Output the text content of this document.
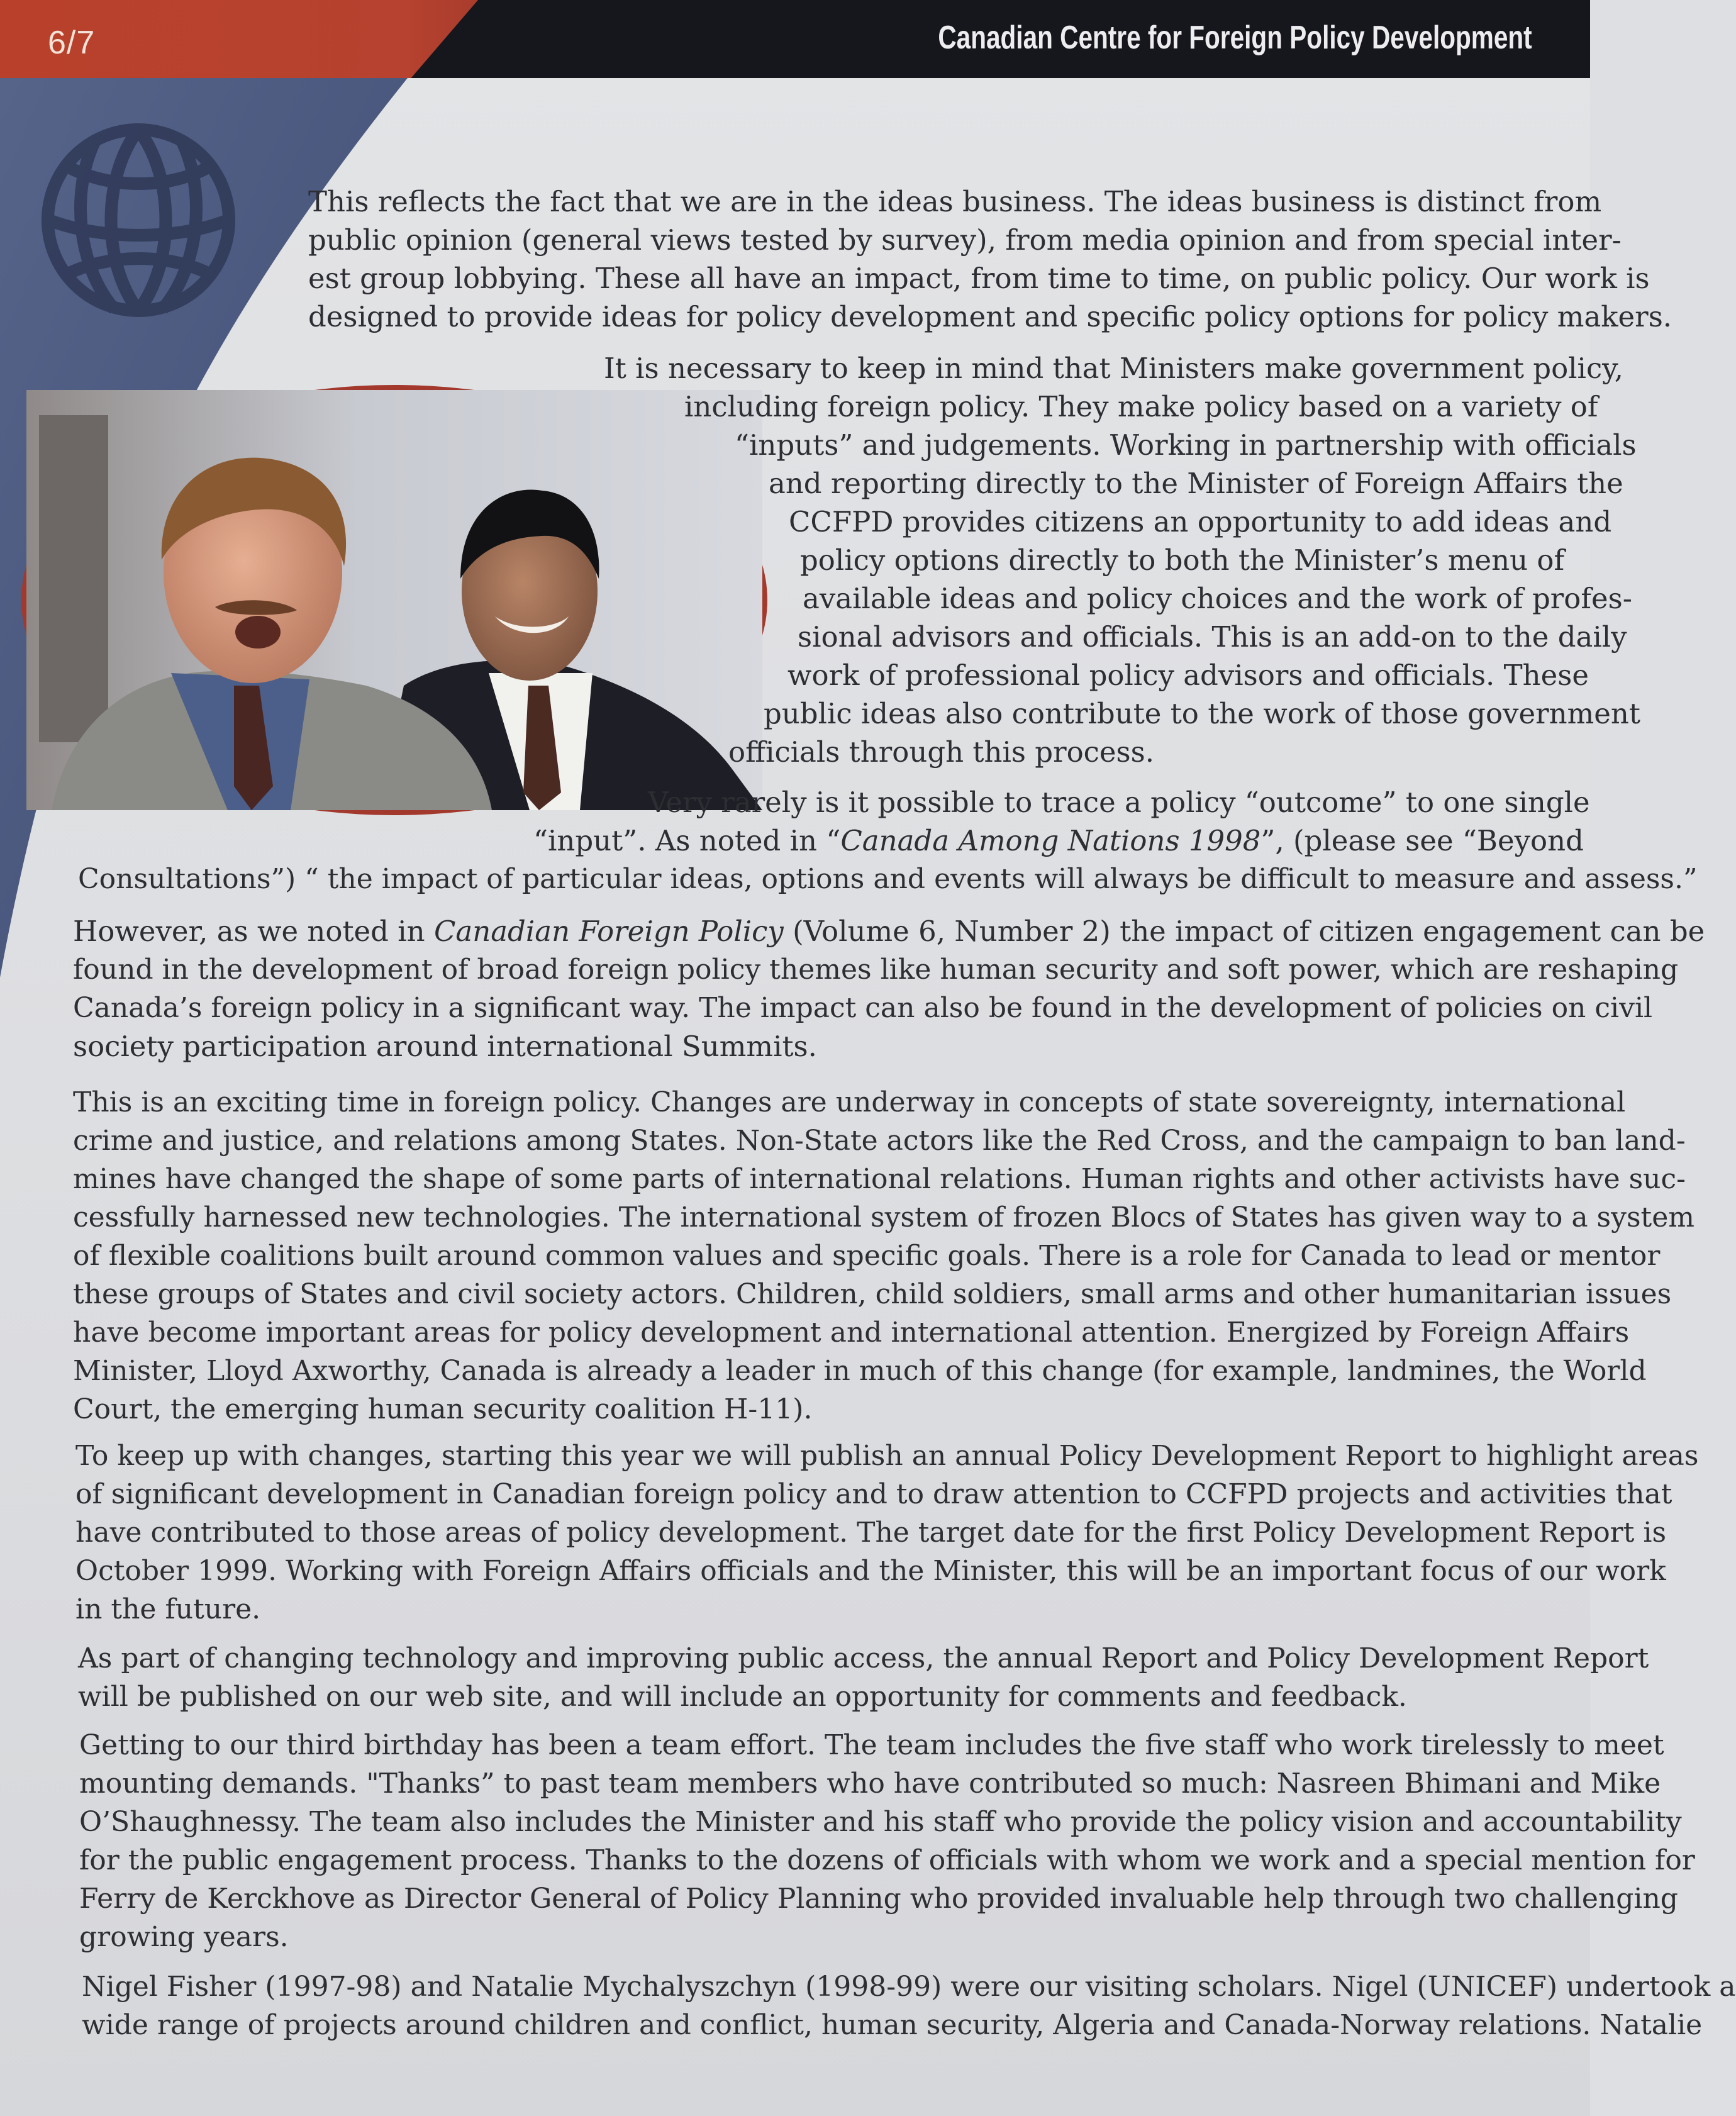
6/7	Canadian Centre for Foreign Policy Development
This reflects the fact that we are in the ideas business. The ideas business is distinct from
public opinion (general views tested by survey), from media opinion and from special inter-
est group lobbying. These all have an impact, from time to time, on public policy. Our work is
designed to provide ideas for policy development and specific policy options for policy makers.
It is necessary to keep in mind that Ministers make government policy,
including foreign policy. They make policy based on a variety of
“inputs” and judgements. Working in partnership with officials
and reporting directly to the Minister of Foreign Affairs the
CCFPD provides citizens an opportunity to add ideas and
policy options directly to both the Minister’s menu of
available ideas and policy choices and the work of profes-
sional advisors and officials. This is an add-on to the daily
work of professional policy advisors and officials. These
public ideas also contribute to the work of those government
officials through this process.
Very rarely is it possible to trace a policy “outcome” to one single
“input”. As noted in “Canada Among Nations 1998”, (please see “Beyond
Consultations”) “ the impact of particular ideas, options and events will always be difficult to measure and assess.”
However, as we noted in Canadian Foreign Policy (Volume 6, Number 2) the impact of citizen engagement can be
found in the development of broad foreign policy themes like human security and soft power, which are reshaping
Canada’s foreign policy in a significant way. The impact can also be found in the development of policies on civil
society participation around international Summits.
This is an exciting time in foreign policy. Changes are underway in concepts of state sovereignty, international
crime and justice, and relations among States. Non-State actors like the Red Cross, and the campaign to ban land-
mines have changed the shape of some parts of international relations. Human rights and other activists have suc-
cessfully harnessed new technologies. The international system of frozen Blocs of States has given way to a system
of flexible coalitions built around common values and specific goals. There is a role for Canada to lead or mentor
these groups of States and civil society actors. Children, child soldiers, small arms and other humanitarian issues
have become important areas for policy development and international attention. Energized by Foreign Affairs
Minister, Lloyd Axworthy, Canada is already a leader in much of this change (for example, landmines, the World
Court, the emerging human security coalition H-11).
To keep up with changes, starting this year we will publish an annual Policy Development Report to highlight areas
of significant development in Canadian foreign policy and to draw attention to CCFPD projects and activities that
have contributed to those areas of policy development. The target date for the first Policy Development Report is
October 1999. Working with Foreign Affairs officials and the Minister, this will be an important focus of our work
in the future.
As part of changing technology and improving public access, the annual Report and Policy Development Report
will be published on our web site, and will include an opportunity for comments and feedback.
Getting to our third birthday has been a team effort. The team includes the five staff who work tirelessly to meet
mounting demands. "Thanks” to past team members who have contributed so much: Nasreen Bhimani and Mike
O’Shaughnessy. The team also includes the Minister and his staff who provide the policy vision and accountability
for the public engagement process. Thanks to the dozens of officials with whom we work and a special mention for
Ferry de Kerckhove as Director General of Policy Planning who provided invaluable help through two challenging
growing years.
Nigel Fisher (1997-98) and Natalie Mychalyszchyn (1998-99) were our visiting scholars. Nigel (UNICEF) undertook a
wide range of projects around children and conflict, human security, Algeria and Canada-Norway relations. Natalie
